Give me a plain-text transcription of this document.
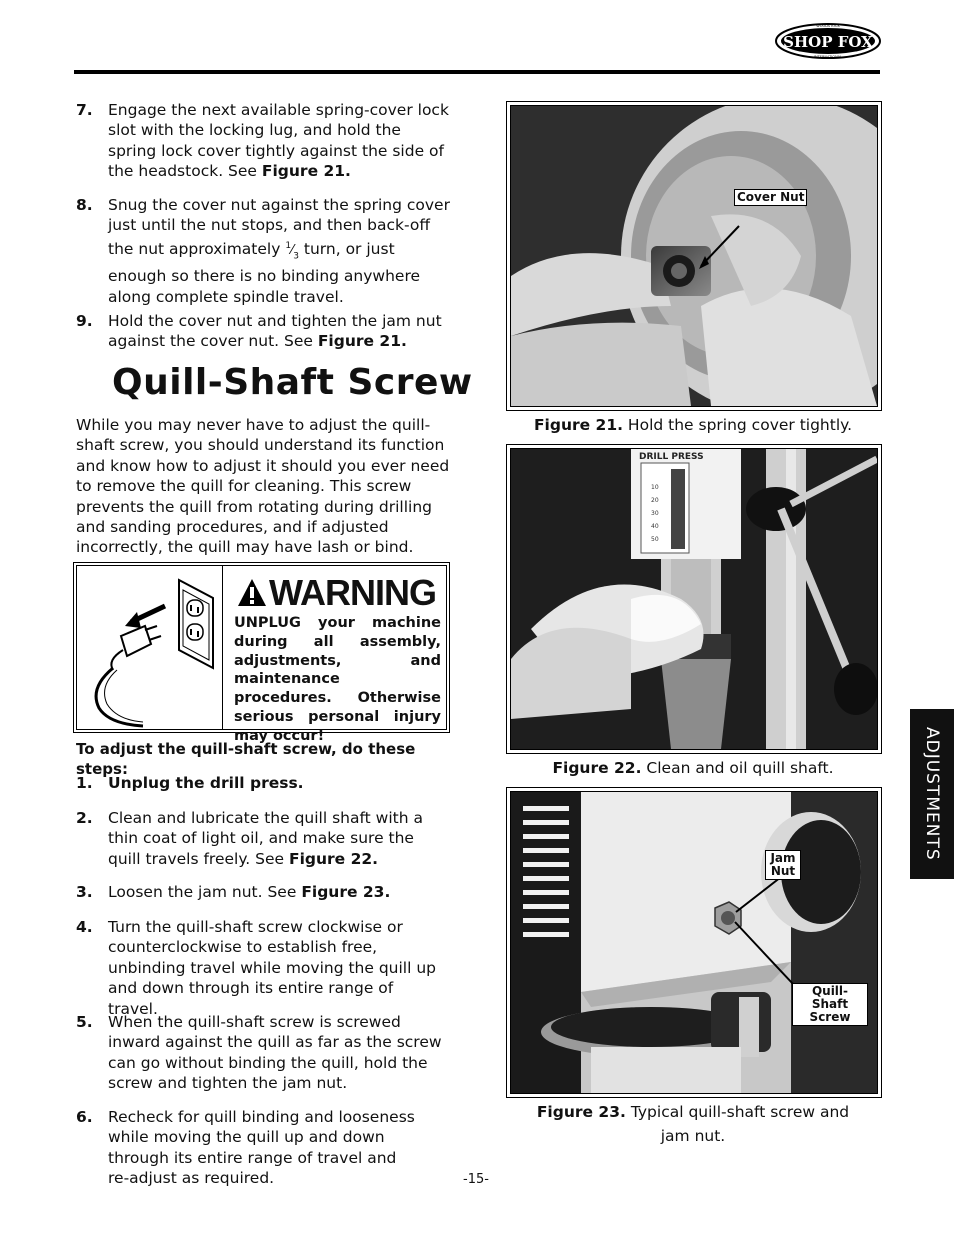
SHOP FOX
WOODSTOCK
INTERNATIONAL
ADJUSTMENTS
7. Engage the next available spring-cover lock slot with the locking lug, and hold the spring lock cover tightly against the side of the headstock. See Figure 21.
8. Snug the cover nut against the spring cover just until the nut stops, and then back-off the nut approximately $^1⁄_3$ turn, or just enough so there is no binding anywhere along complete spindle travel.
9. Hold the cover nut and tighten the jam nut against the cover nut. See Figure 21.
Quill-Shaft Screw
While you may never have to adjust the quill-shaft screw, you should understand its function and know how to adjust it should you ever need to remove the quill for cleaning. This screw prevents the quill from rotating during drilling and sanding procedures, and if adjusted incorrectly, the quill may have lash or bind.
WARNING
UNPLUG your machine during all assembly, adjustments, and maintenance procedures. Otherwise serious personal injury may occur!
To adjust the quill-shaft screw, do these steps:
1. Unplug the drill press.
2. Clean and lubricate the quill shaft with a thin coat of light oil, and make sure the quill travels freely. See Figure 22.
3. Loosen the jam nut. See Figure 23.
4. Turn the quill-shaft screw clockwise or counterclockwise to establish free, unbinding travel while moving the quill up and down through its entire range of travel.
5. When the quill-shaft screw is screwed inward against the quill as far as the screw can go without binding the quill, hold the screw and tighten the jam nut.
6. Recheck for quill binding and looseness while moving the quill up and down through its entire range of travel and re-adjust as required.
Cover Nut
Figure 21. Hold the spring cover tightly.
DRILL PRESS
10
20
30
40
50
Figure 22. Clean and oil quill shaft.
Jam Nut
Quill-Shaft Screw
Figure 23. Typical quill-shaft screw and jam nut.
-15-
